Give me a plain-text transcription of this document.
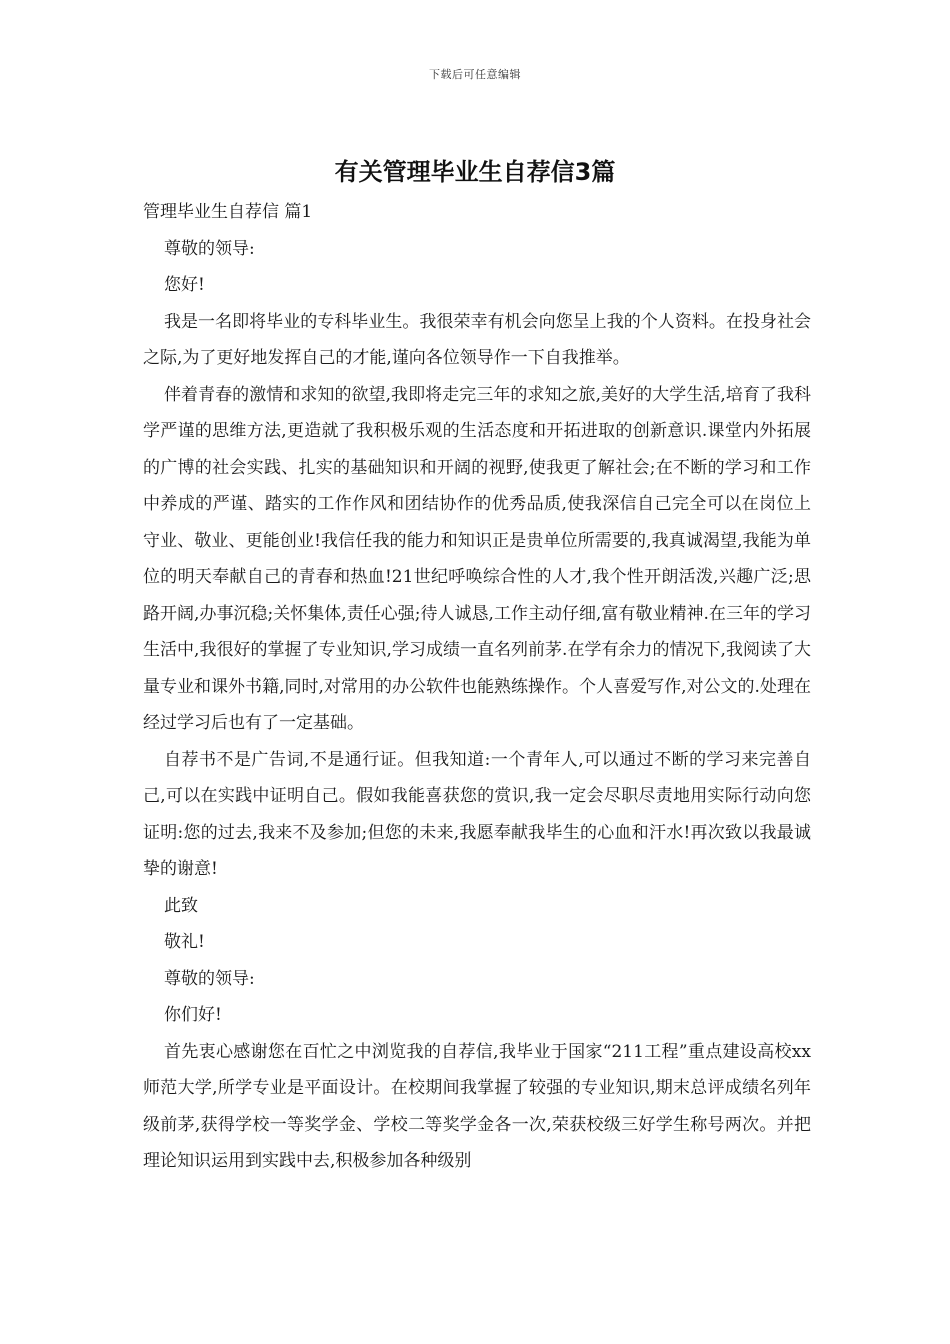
下载后可任意编辑
有关管理毕业生自荐信3篇

管理毕业生自荐信 篇1

尊敬的领导:

您好!

我是一名即将毕业的专科毕业生。我很荣幸有机会向您呈上我的个人资料。在投身社会之际,为了更好地发挥自己的才能,谨向各位领导作一下自我推举。

伴着青春的激情和求知的欲望,我即将走完三年的求知之旅,美好的大学生活,培育了我科学严谨的思维方法,更造就了我积极乐观的生活态度和开拓进取的创新意识.课堂内外拓展的广博的社会实践、扎实的基础知识和开阔的视野,使我更了解社会;在不断的学习和工作中养成的严谨、踏实的工作作风和团结协作的优秀品质,使我深信自己完全可以在岗位上守业、敬业、更能创业!我信任我的能力和知识正是贵单位所需要的,我真诚渴望,我能为单位的明天奉献自己的青春和热血!21世纪呼唤综合性的人才,我个性开朗活泼,兴趣广泛;思路开阔,办事沉稳;关怀集体,责任心强;待人诚恳,工作主动仔细,富有敬业精神.在三年的学习生活中,我很好的掌握了专业知识,学习成绩一直名列前茅.在学有余力的情况下,我阅读了大量专业和课外书籍,同时,对常用的办公软件也能熟练操作。个人喜爱写作,对公文的.处理在经过学习后也有了一定基础。

自荐书不是广告词,不是通行证。但我知道:一个青年人,可以通过不断的学习来完善自己,可以在实践中证明自己。假如我能喜获您的赏识,我一定会尽职尽责地用实际行动向您证明:您的过去,我来不及参加;但您的未来,我愿奉献我毕生的心血和汗水!再次致以我最诚挚的谢意!

此致

敬礼!

尊敬的领导:

你们好!

首先衷心感谢您在百忙之中浏览我的自荐信,我毕业于国家“211工程”重点建设高校xx师范大学,所学专业是平面设计。在校期间我掌握了较强的专业知识,期末总评成绩名列年级前茅,获得学校一等奖学金、学校二等奖学金各一次,荣获校级三好学生称号两次。并把理论知识运用到实践中去,积极参加各种级别
